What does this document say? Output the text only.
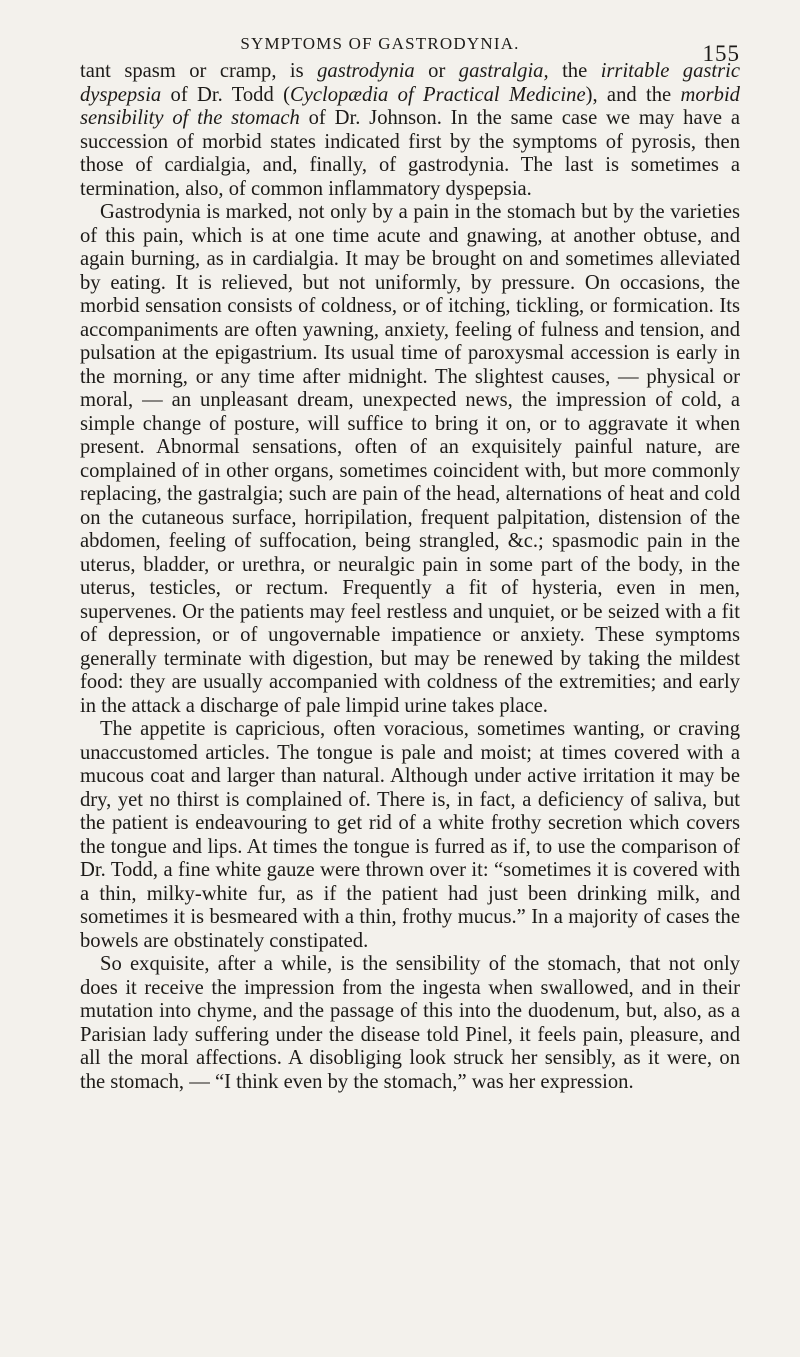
SYMPTOMS OF GASTRODYNIA.	155

tant spasm or cramp, is gastrodynia or gastralgia, the irritable gastric dyspepsia of Dr. Todd (Cyclopædia of Practical Medicine), and the morbid sensibility of the stomach of Dr. Johnson. In the same case we may have a succession of morbid states indicated first by the symptoms of pyrosis, then those of cardialgia, and, finally, of gastrodynia. The last is sometimes a termination, also, of common inflammatory dyspepsia.

Gastrodynia is marked, not only by a pain in the stomach but by the varieties of this pain, which is at one time acute and gnawing, at another obtuse, and again burning, as in cardialgia. It may be brought on and sometimes alleviated by eating. It is relieved, but not uniformly, by pressure. On occasions, the morbid sensation consists of coldness, or of itching, tickling, or formication. Its accompaniments are often yawning, anxiety, feeling of fulness and tension, and pulsation at the epigastrium. Its usual time of paroxysmal accession is early in the morning, or any time after midnight. The slightest causes, — physical or moral, — an unpleasant dream, unexpected news, the impression of cold, a simple change of posture, will suffice to bring it on, or to aggravate it when present. Abnormal sensations, often of an exquisitely painful nature, are complained of in other organs, sometimes coincident with, but more commonly replacing, the gastralgia; such are pain of the head, alternations of heat and cold on the cutaneous surface, horripilation, frequent palpitation, distension of the abdomen, feeling of suffocation, being strangled, &c.; spasmodic pain in the uterus, bladder, or urethra, or neuralgic pain in some part of the body, in the uterus, testicles, or rectum. Frequently a fit of hysteria, even in men, supervenes. Or the patients may feel restless and unquiet, or be seized with a fit of depression, or of ungovernable impatience or anxiety. These symptoms generally terminate with digestion, but may be renewed by taking the mildest food: they are usually accompanied with coldness of the extremities; and early in the attack a discharge of pale limpid urine takes place.

The appetite is capricious, often voracious, sometimes wanting, or craving unaccustomed articles. The tongue is pale and moist; at times covered with a mucous coat and larger than natural. Although under active irritation it may be dry, yet no thirst is complained of. There is, in fact, a deficiency of saliva, but the patient is endeavouring to get rid of a white frothy secretion which covers the tongue and lips. At times the tongue is furred as if, to use the comparison of Dr. Todd, a fine white gauze were thrown over it: “sometimes it is covered with a thin, milky-white fur, as if the patient had just been drinking milk, and sometimes it is besmeared with a thin, frothy mucus.” In a majority of cases the bowels are obstinately constipated.

So exquisite, after a while, is the sensibility of the stomach, that not only does it receive the impression from the ingesta when swallowed, and in their mutation into chyme, and the passage of this into the duodenum, but, also, as a Parisian lady suffering under the disease told Pinel, it feels pain, pleasure, and all the moral affections. A disobliging look struck her sensibly, as it were, on the stomach, — “I think even by the stomach,” was her expression.
